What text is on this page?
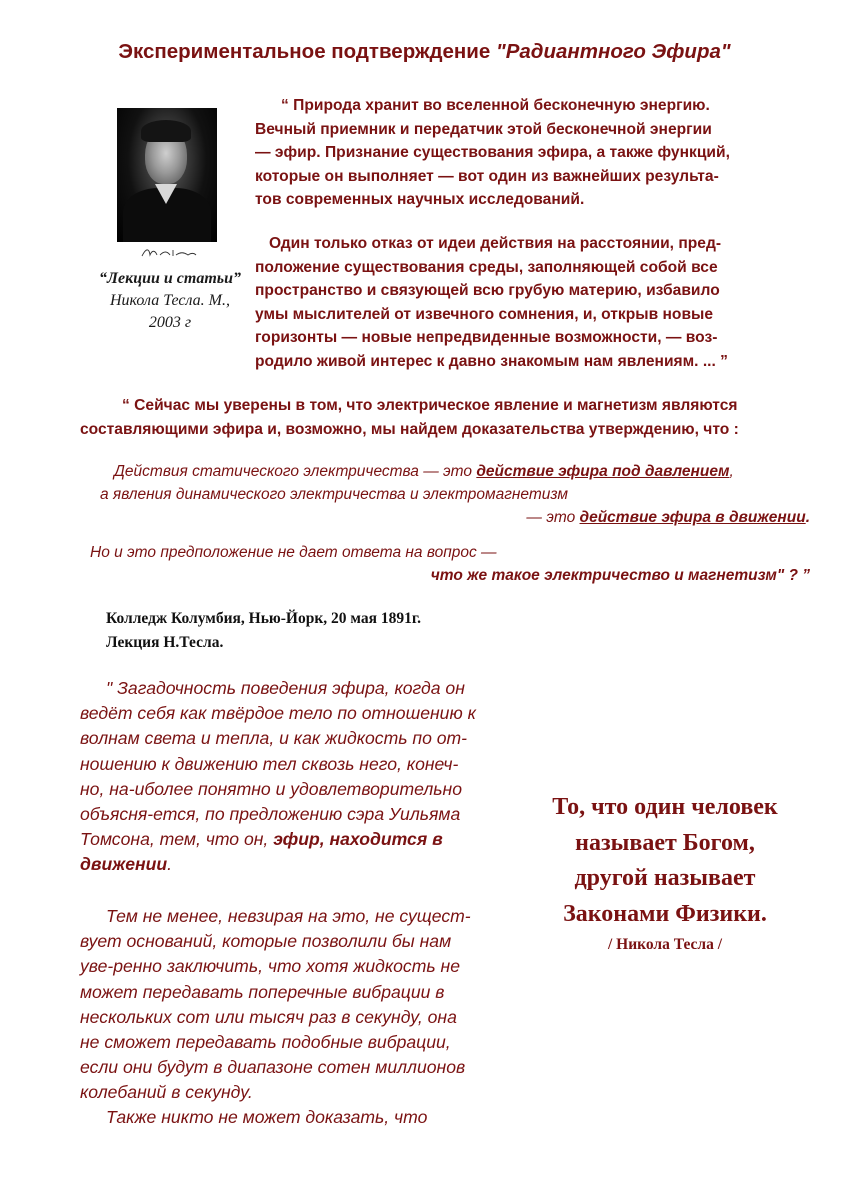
Экспериментальное подтверждение "Радиантного Эфира"
“Лекции и статьи”
Никола Тесла. М.,
2003 г
“ Природа хранит во вселенной бесконечную энергию.
Вечный приемник и передатчик этой бесконечной энергии
— эфир. Признание существования эфира, а также функций,
которые он выполняет — вот один из важнейших результа-
тов современных научных исследований.
Один только отказ от идеи действия на расстоянии, пред-
положение существования среды, заполняющей собой все
пространство и связующей всю грубую материю, избавило
умы мыслителей от извечного сомнения, и, открыв новые
горизонты — новые непредвиденные возможности, — воз-
родило живой интерес к давно знакомым нам явлениям. ... ”
“ Сейчас мы уверены в том, что электрическое явление и магнетизм являются
составляющими эфира и, возможно, мы найдем доказательства утверждению, что :
Действия статического электричества — это действие эфира под давлением,
а явления динамического электричества и электромагнетизм
— это действие эфира в движении.
Но и это предположение не дает ответа на вопрос —
что же такое электричество и магнетизм" ? ”
Колледж Колумбия, Нью-Йорк, 20 мая 1891г.
Лекция Н.Тесла.
" Загадочность поведения эфира, когда он
ведёт себя как твёрдое тело по отношению к
волнам света и тепла, и как жидкость по от-
ношению к движению тел сквозь него, конеч-
но, на-иболее понятно и удовлетворительно
объясня-ется, по предложению сэра Уильяма
Томсона, тем, что он, эфир, находится в
движении.
Тем не менее, невзирая на это, не сущест-
вует оснований, которые позволили бы нам
уве-ренно заключить, что хотя жидкость не
может передавать поперечные вибрации в
нескольких сот или тысяч раз в секунду, она
не сможет передавать подобные вибрации,
если они будут в диапазоне сотен миллионов
колебаний в секунду.
Также никто не может доказать, что
То, что один человек
называет Богом,
другой называет
Законами Физики.
/ Никола Тесла /
